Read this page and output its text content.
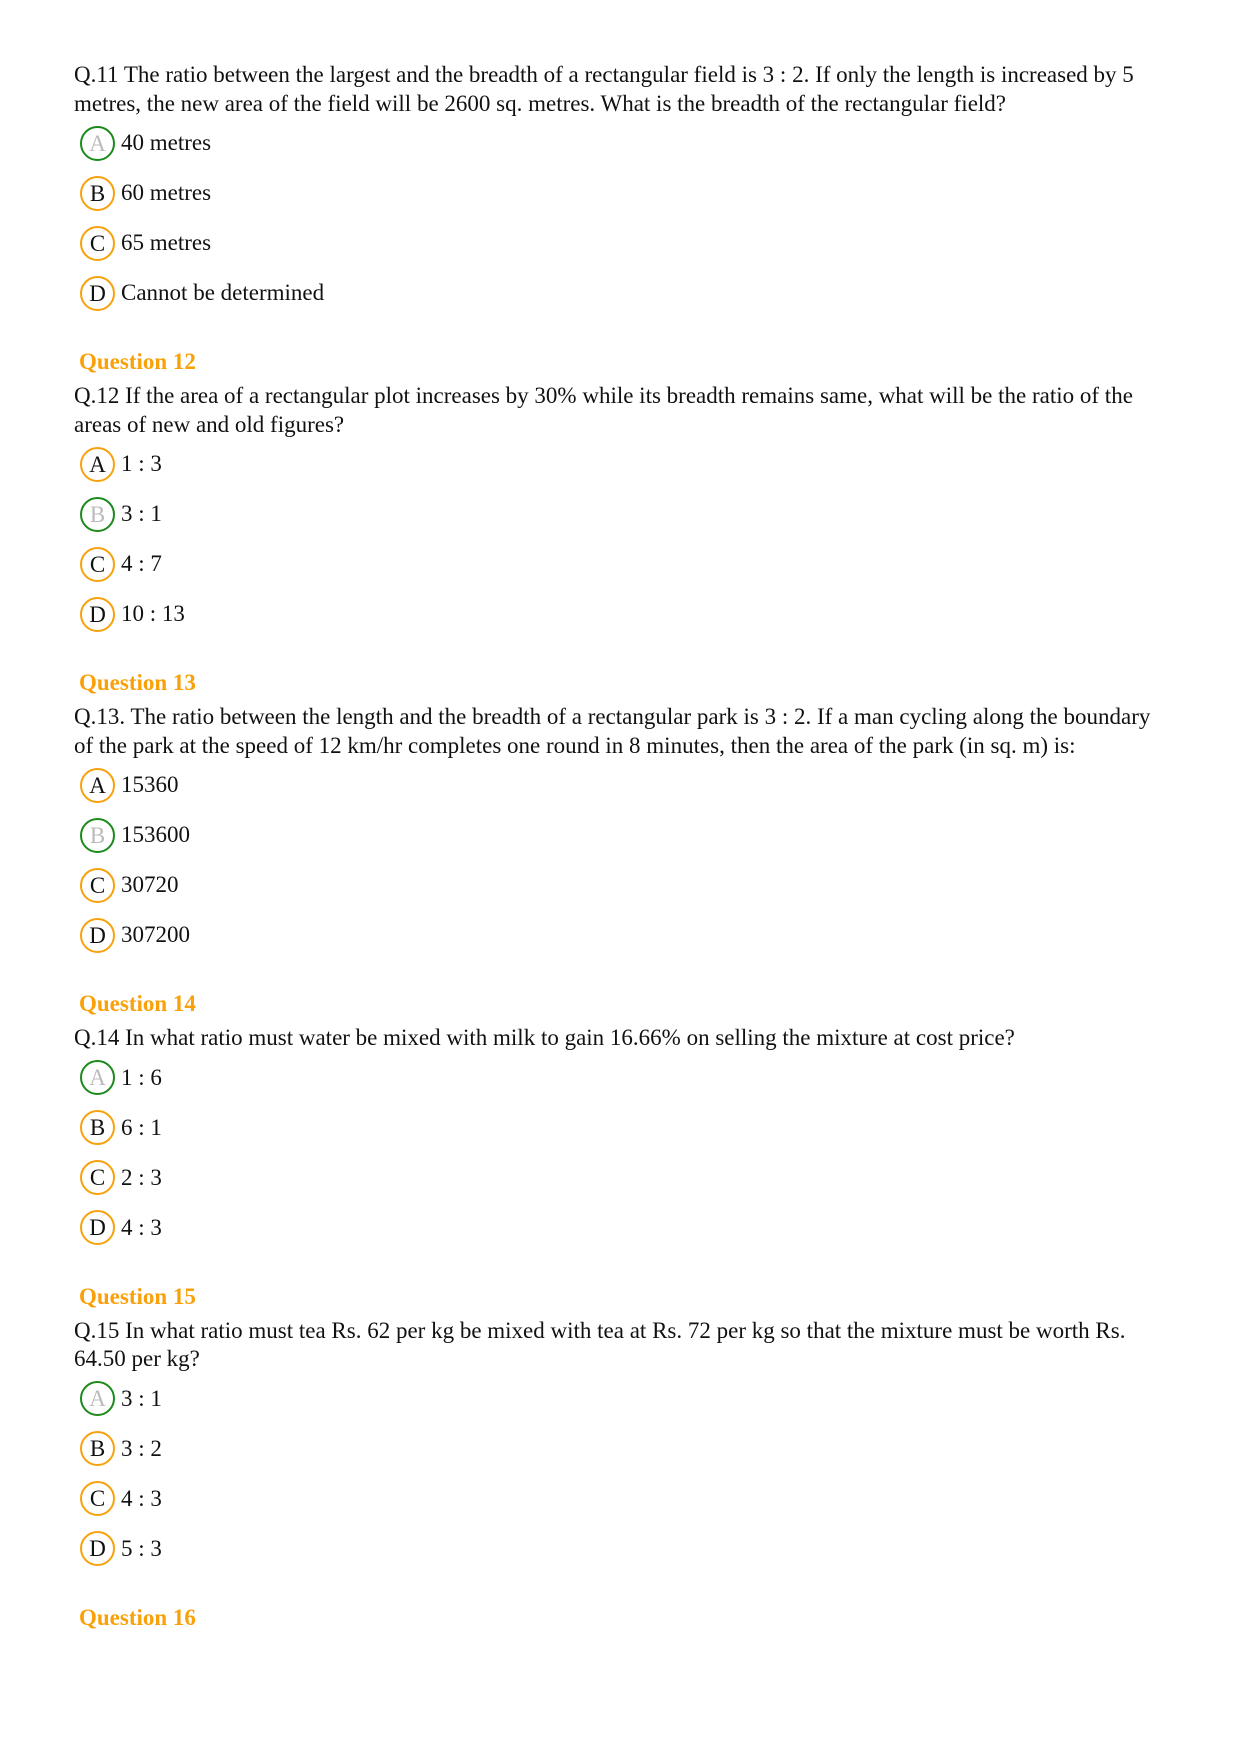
Q.11 The ratio between the largest and the breadth of a rectangular field is 3 : 2. If only the length is increased by 5 metres, the new area of the field will be 2600 sq. metres. What is the breadth of the rectangular field?
A 40 metres
B 60 metres
C 65 metres
D Cannot be determined
Question 12
Q.12 If the area of a rectangular plot increases by 30% while its breadth remains same, what will be the ratio of the areas of new and old figures?
A 1 : 3
B 3 : 1
C 4 : 7
D 10 : 13
Question 13
Q.13. The ratio between the length and the breadth of a rectangular park is 3 : 2. If a man cycling along the boundary of the park at the speed of 12 km/hr completes one round in 8 minutes, then the area of the park (in sq. m) is:
A 15360
B 153600
C 30720
D 307200
Question 14
Q.14 In what ratio must water be mixed with milk to gain 16.66% on selling the mixture at cost price?
A 1 : 6
B 6 : 1
C 2 : 3
D 4 : 3
Question 15
Q.15 In what ratio must tea Rs. 62 per kg be mixed with tea at Rs. 72 per kg so that the mixture must be worth Rs. 64.50 per kg?
A 3 : 1
B 3 : 2
C 4 : 3
D 5 : 3
Question 16
